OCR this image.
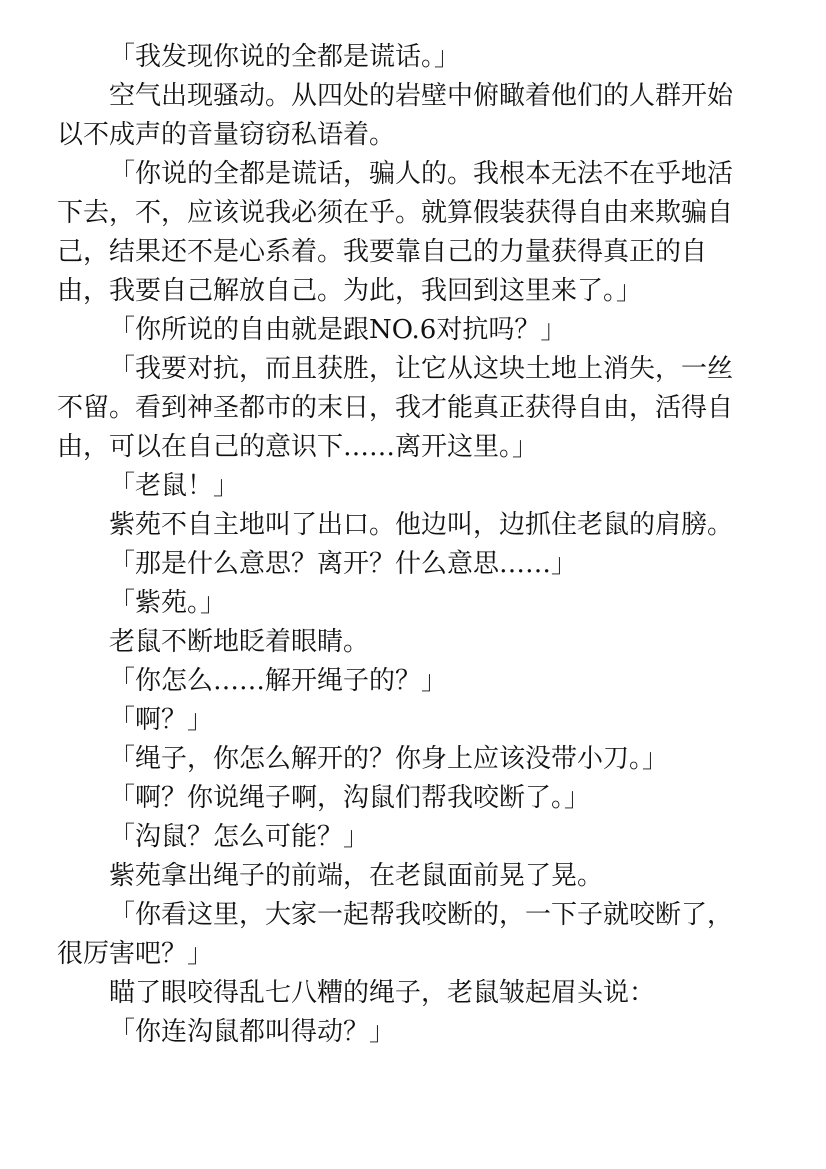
「我发现你说的全都是谎话。」

空气出现骚动。从四处的岩壁中俯瞰着他们的人群开始以不成声的音量窃窃私语着。

「你说的全都是谎话，骗人的。我根本无法不在乎地活下去，不，应该说我必须在乎。就算假装获得自由来欺骗自己，结果还不是心系着。我要靠自己的力量获得真正的自由，我要自己解放自己。为此，我回到这里来了。」

「你所说的自由就是跟NO.6对抗吗？」

「我要对抗，而且获胜，让它从这块土地上消失，一丝不留。看到神圣都市的末日，我才能真正获得自由，活得自由，可以在自己的意识下……离开这里。」

「老鼠！」

紫苑不自主地叫了出口。他边叫，边抓住老鼠的肩膀。

「那是什么意思？离开？什么意思……」

「紫苑。」

老鼠不断地眨着眼睛。

「你怎么……解开绳子的？」

「啊？」

「绳子，你怎么解开的？你身上应该没带小刀。」

「啊？你说绳子啊，沟鼠们帮我咬断了。」

「沟鼠？怎么可能？」

紫苑拿出绳子的前端，在老鼠面前晃了晃。

「你看这里，大家一起帮我咬断的，一下子就咬断了，很厉害吧？」

瞄了眼咬得乱七八糟的绳子，老鼠皱起眉头说：

「你连沟鼠都叫得动？」
